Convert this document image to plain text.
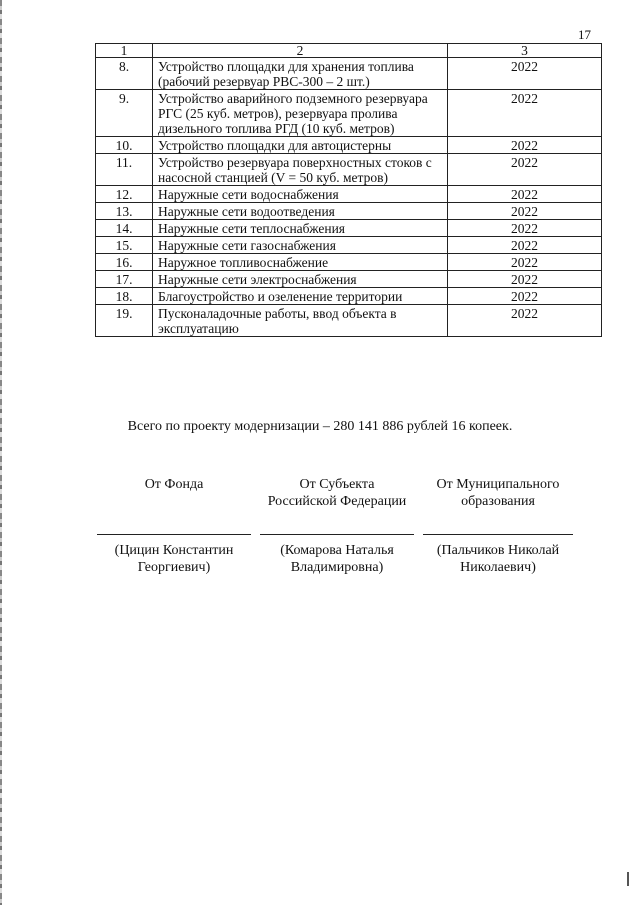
17
1	2	3
8.	Устройство площадки для хранения топлива (рабочий резервуар РВС-300 – 2 шт.)	2022
9.	Устройство аварийного подземного резервуара РГС (25 куб. метров), резервуара пролива дизельного топлива РГД (10 куб. метров)	2022
10.	Устройство площадки для автоцистерны	2022
11.	Устройство резервуара поверхностных стоков с насосной станцией (V = 50 куб. метров)	2022
12.	Наружные сети водоснабжения	2022
13.	Наружные сети водоотведения	2022
14.	Наружные сети теплоснабжения	2022
15.	Наружные сети газоснабжения	2022
16.	Наружное топливоснабжение	2022
17.	Наружные сети электроснабжения	2022
18.	Благоустройство и озеленение территории	2022
19.	Пусконаладочные работы, ввод объекта в эксплуатацию	2022
Всего по проекту модернизации – 280 141 886 рублей 16 копеек.
От Фонда
(Цицин Константин
Георгиевич)
От Субъекта
Российской Федерации
(Комарова Наталья
Владимировна)
От Муниципального
образования
(Пальчиков Николай
Николаевич)
